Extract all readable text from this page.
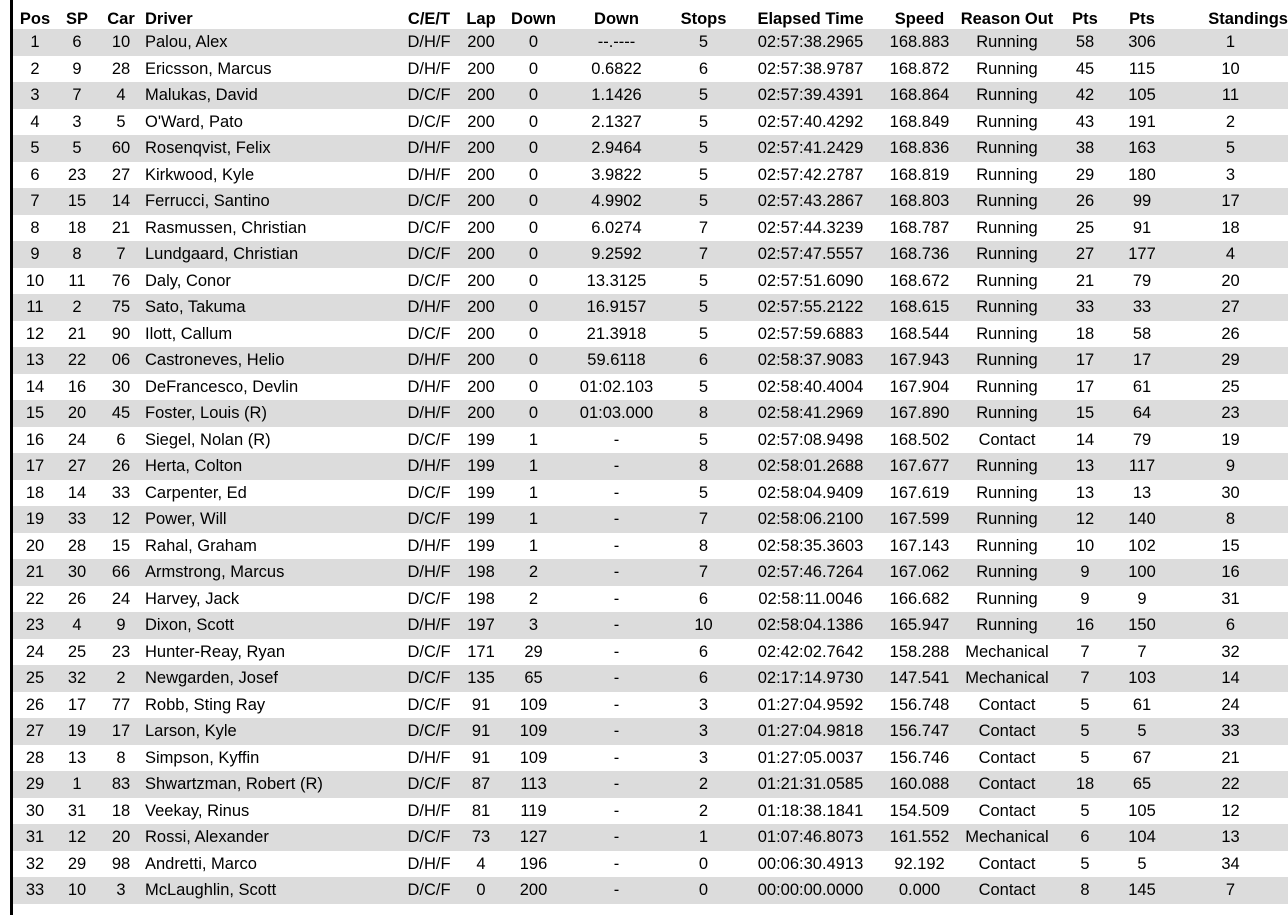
Pos	SP	Car	Driver	C/E/T	Lap	Down	Down	Stops	Elapsed Time	Speed	Reason Out	Pts	Pts	Standings
1	6	10	Palou, Alex	D/H/F	200	0	--.----	5	02:57:38.2965	168.883	Running	58	306	1
2	9	28	Ericsson, Marcus	D/H/F	200	0	0.6822	6	02:57:38.9787	168.872	Running	45	115	10
3	7	4	Malukas, David	D/C/F	200	0	1.1426	5	02:57:39.4391	168.864	Running	42	105	11
4	3	5	O'Ward, Pato	D/C/F	200	0	2.1327	5	02:57:40.4292	168.849	Running	43	191	2
5	5	60	Rosenqvist, Felix	D/H/F	200	0	2.9464	5	02:57:41.2429	168.836	Running	38	163	5
6	23	27	Kirkwood, Kyle	D/H/F	200	0	3.9822	5	02:57:42.2787	168.819	Running	29	180	3
7	15	14	Ferrucci, Santino	D/C/F	200	0	4.9902	5	02:57:43.2867	168.803	Running	26	99	17
8	18	21	Rasmussen, Christian	D/C/F	200	0	6.0274	7	02:57:44.3239	168.787	Running	25	91	18
9	8	7	Lundgaard, Christian	D/C/F	200	0	9.2592	7	02:57:47.5557	168.736	Running	27	177	4
10	11	76	Daly, Conor	D/C/F	200	0	13.3125	5	02:57:51.6090	168.672	Running	21	79	20
11	2	75	Sato, Takuma	D/H/F	200	0	16.9157	5	02:57:55.2122	168.615	Running	33	33	27
12	21	90	Ilott, Callum	D/C/F	200	0	21.3918	5	02:57:59.6883	168.544	Running	18	58	26
13	22	06	Castroneves, Helio	D/H/F	200	0	59.6118	6	02:58:37.9083	167.943	Running	17	17	29
14	16	30	DeFrancesco, Devlin	D/H/F	200	0	01:02.103	5	02:58:40.4004	167.904	Running	17	61	25
15	20	45	Foster, Louis (R)	D/H/F	200	0	01:03.000	8	02:58:41.2969	167.890	Running	15	64	23
16	24	6	Siegel, Nolan (R)	D/C/F	199	1	-	5	02:57:08.9498	168.502	Contact	14	79	19
17	27	26	Herta, Colton	D/H/F	199	1	-	8	02:58:01.2688	167.677	Running	13	117	9
18	14	33	Carpenter, Ed	D/C/F	199	1	-	5	02:58:04.9409	167.619	Running	13	13	30
19	33	12	Power, Will	D/C/F	199	1	-	7	02:58:06.2100	167.599	Running	12	140	8
20	28	15	Rahal, Graham	D/H/F	199	1	-	8	02:58:35.3603	167.143	Running	10	102	15
21	30	66	Armstrong, Marcus	D/H/F	198	2	-	7	02:57:46.7264	167.062	Running	9	100	16
22	26	24	Harvey, Jack	D/C/F	198	2	-	6	02:58:11.0046	166.682	Running	9	9	31
23	4	9	Dixon, Scott	D/H/F	197	3	-	10	02:58:04.1386	165.947	Running	16	150	6
24	25	23	Hunter-Reay, Ryan	D/C/F	171	29	-	6	02:42:02.7642	158.288	Mechanical	7	7	32
25	32	2	Newgarden, Josef	D/C/F	135	65	-	6	02:17:14.9730	147.541	Mechanical	7	103	14
26	17	77	Robb, Sting Ray	D/C/F	91	109	-	3	01:27:04.9592	156.748	Contact	5	61	24
27	19	17	Larson, Kyle	D/C/F	91	109	-	3	01:27:04.9818	156.747	Contact	5	5	33
28	13	8	Simpson, Kyffin	D/H/F	91	109	-	3	01:27:05.0037	156.746	Contact	5	67	21
29	1	83	Shwartzman, Robert (R)	D/C/F	87	113	-	2	01:21:31.0585	160.088	Contact	18	65	22
30	31	18	Veekay, Rinus	D/H/F	81	119	-	2	01:18:38.1841	154.509	Contact	5	105	12
31	12	20	Rossi, Alexander	D/C/F	73	127	-	1	01:07:46.8073	161.552	Mechanical	6	104	13
32	29	98	Andretti, Marco	D/H/F	4	196	-	0	00:06:30.4913	92.192	Contact	5	5	34
33	10	3	McLaughlin, Scott	D/C/F	0	200	-	0	00:00:00.0000	0.000	Contact	8	145	7
